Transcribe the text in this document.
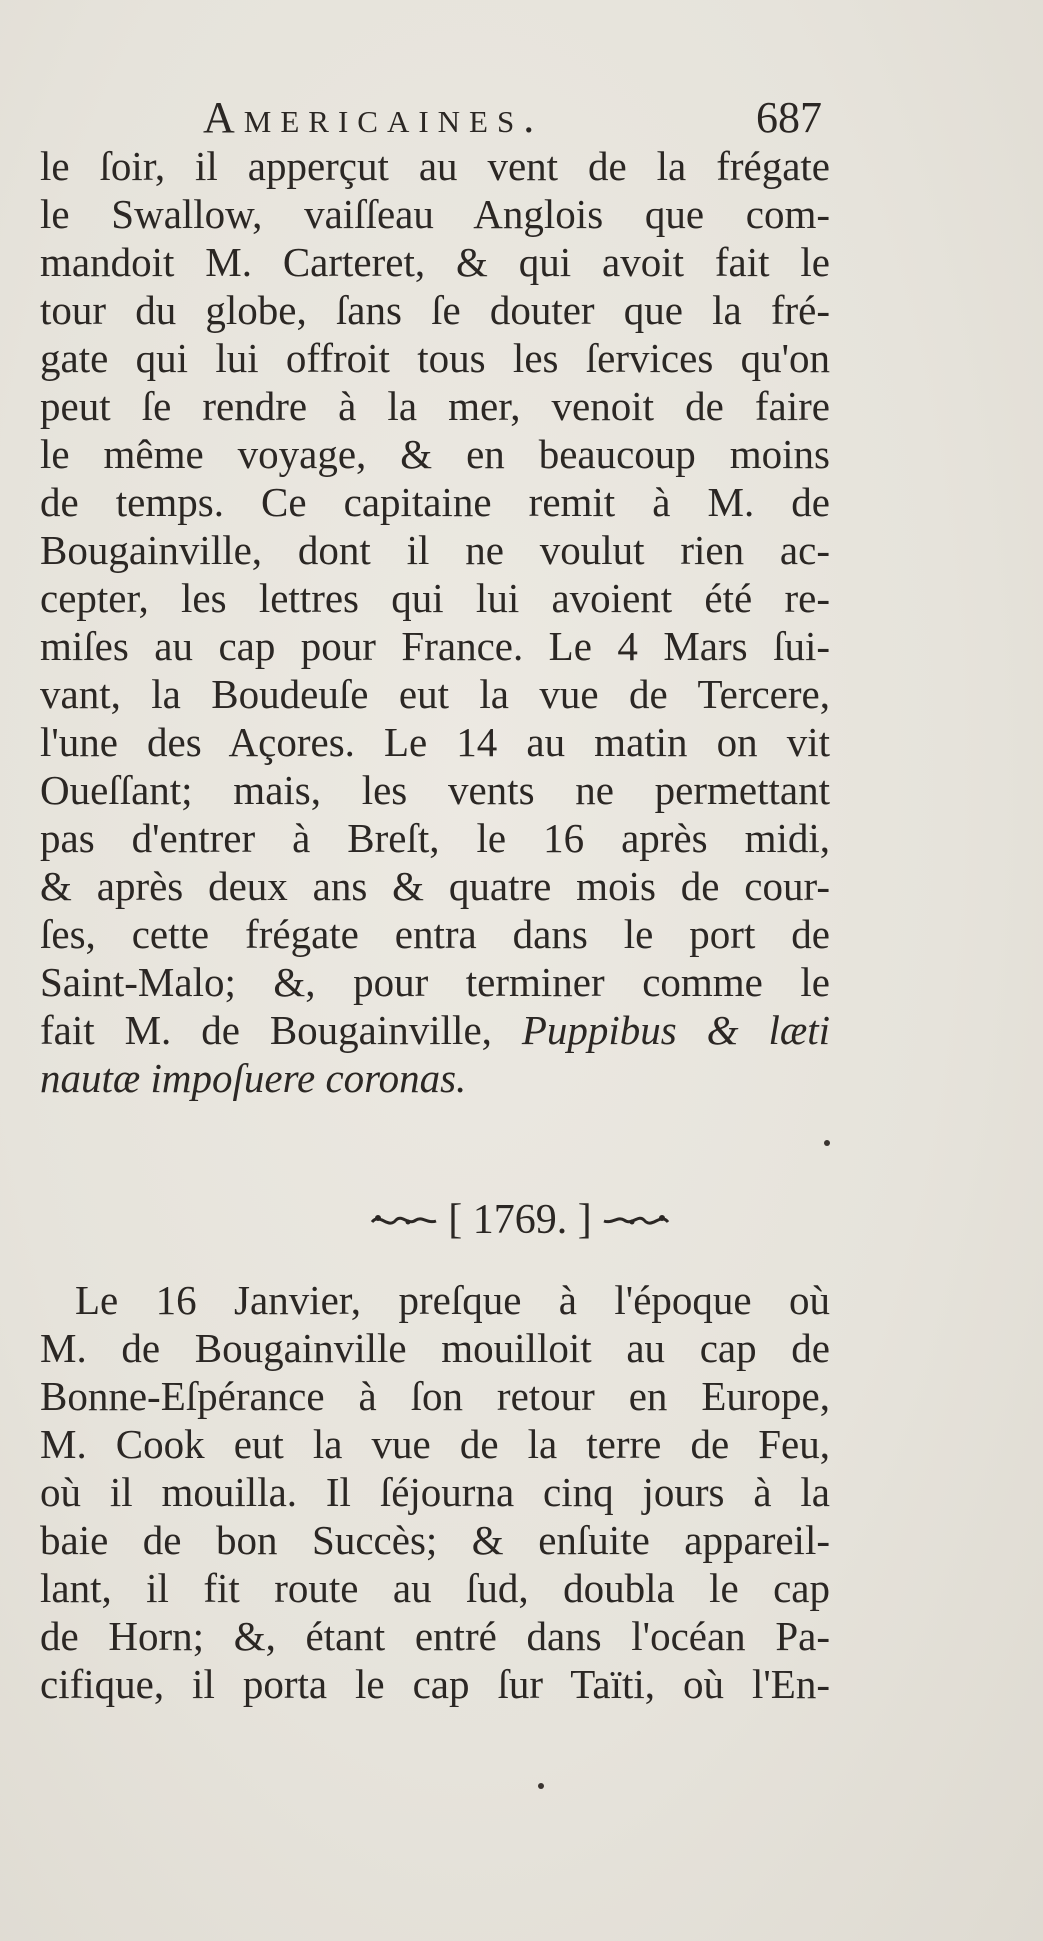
Americaines.	687
le ſoir, il apperçut au vent de la frégate
le Swallow, vaiſſeau Anglois que com-
mandoit M. Carteret, & qui avoit fait le
tour du globe, ſans ſe douter que la fré-
gate qui lui offroit tous les ſervices qu'on
peut ſe rendre à la mer, venoit de faire
le même voyage, & en beaucoup moins
de temps. Ce capitaine remit à M. de
Bougainville, dont il ne voulut rien ac-
cepter, les lettres qui lui avoient été re-
miſes au cap pour France. Le 4 Mars ſui-
vant, la Boudeuſe eut la vue de Tercere,
l'une des Açores. Le 14 au matin on vit
Oueſſant; mais, les vents ne permettant
pas d'entrer à Breſt, le 16 après midi,
& après deux ans & quatre mois de cour-
ſes, cette frégate entra dans le port de
Saint-Malo; &, pour terminer comme le
fait M. de Bougainville, Puppibus & læti
nautæ impoſuere coronas.
[ 1769. ]
Le 16 Janvier, preſque à l'époque où
M. de Bougainville mouilloit au cap de
Bonne-Eſpérance à ſon retour en Europe,
M. Cook eut la vue de la terre de Feu,
où il mouilla. Il ſéjourna cinq jours à la
baie de bon Succès; & enſuite appareil-
lant, il fit route au ſud, doubla le cap
de Horn; &, étant entré dans l'océan Pa-
cifique, il porta le cap ſur Taïti, où l'En-
